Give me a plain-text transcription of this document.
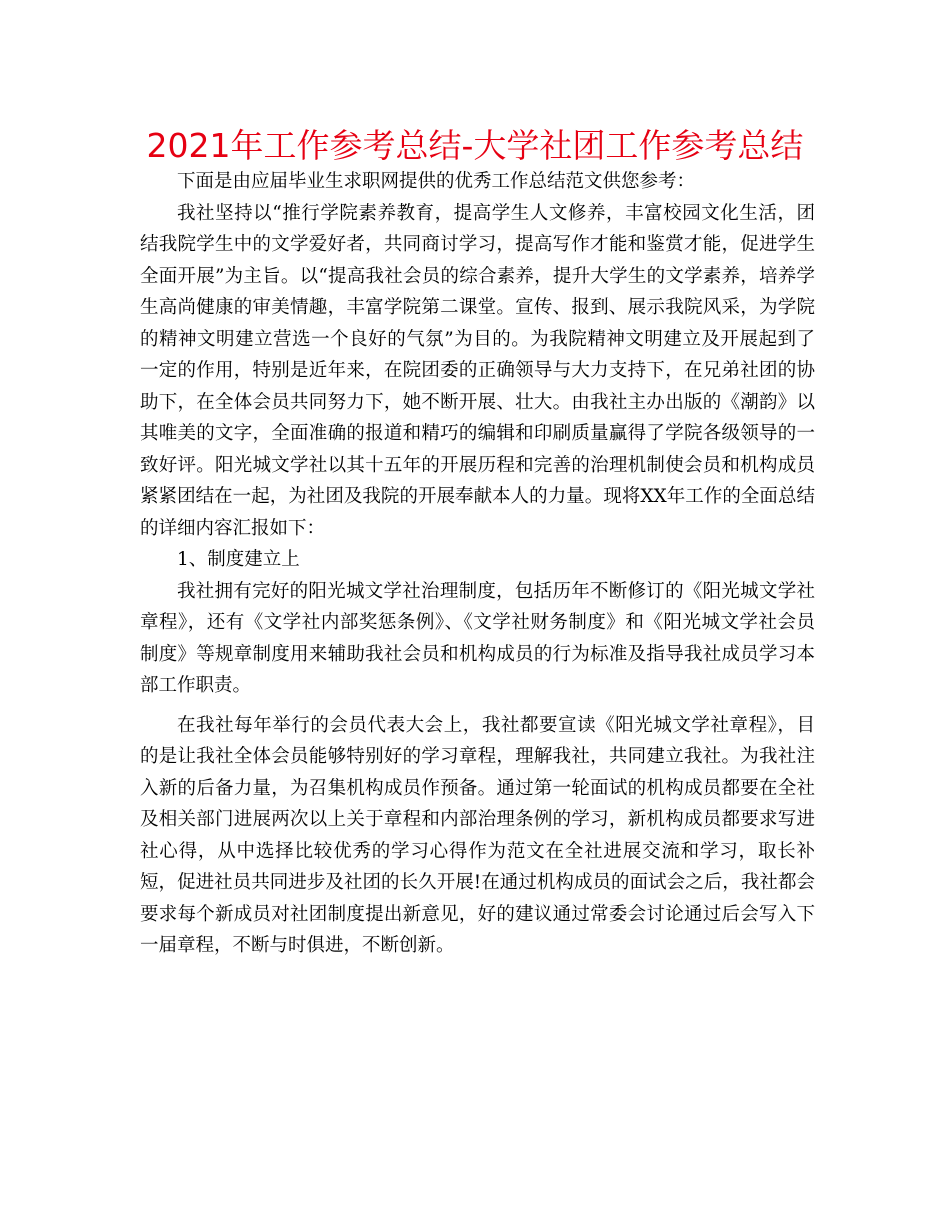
2021年工作参考总结-大学社团工作参考总结

下面是由应届毕业生求职网提供的优秀工作总结范文供您参考：

我社坚持以“推行学院素养教育，提高学生人文修养，丰富校园文化生活，团结我院学生中的文学爱好者，共同商讨学习，提高写作才能和鉴赏才能，促进学生全面开展”为主旨。以“提高我社会员的综合素养，提升大学生的文学素养，培养学生高尚健康的审美情趣，丰富学院第二课堂。宣传、报到、展示我院风采，为学院的精神文明建立营选一个良好的气氛”为目的。为我院精神文明建立及开展起到了一定的作用，特别是近年来，在院团委的正确领导与大力支持下，在兄弟社团的协助下，在全体会员共同努力下，她不断开展、壮大。由我社主办出版的《潮韵》以其唯美的文字，全面准确的报道和精巧的编辑和印刷质量赢得了学院各级领导的一致好评。阳光城文学社以其十五年的开展历程和完善的治理机制使会员和机构成员紧紧团结在一起，为社团及我院的开展奉献本人的力量。现将XX年工作的全面总结的详细内容汇报如下：

1、制度建立上

我社拥有完好的阳光城文学社治理制度，包括历年不断修订的《阳光城文学社章程》，还有《文学社内部奖惩条例》、《文学社财务制度》和《阳光城文学社会员制度》等规章制度用来辅助我社会员和机构成员的行为标准及指导我社成员学习本部工作职责。

在我社每年举行的会员代表大会上，我社都要宣读《阳光城文学社章程》，目的是让我社全体会员能够特别好的学习章程，理解我社，共同建立我社。为我社注入新的后备力量，为召集机构成员作预备。通过第一轮面试的机构成员都要在全社及相关部门进展两次以上关于章程和内部治理条例的学习，新机构成员都要求写进社心得，从中选择比较优秀的学习心得作为范文在全社进展交流和学习，取长补短，促进社员共同进步及社团的长久开展!在通过机构成员的面试会之后，我社都会要求每个新成员对社团制度提出新意见，好的建议通过常委会讨论通过后会写入下一届章程，不断与时俱进，不断创新。
